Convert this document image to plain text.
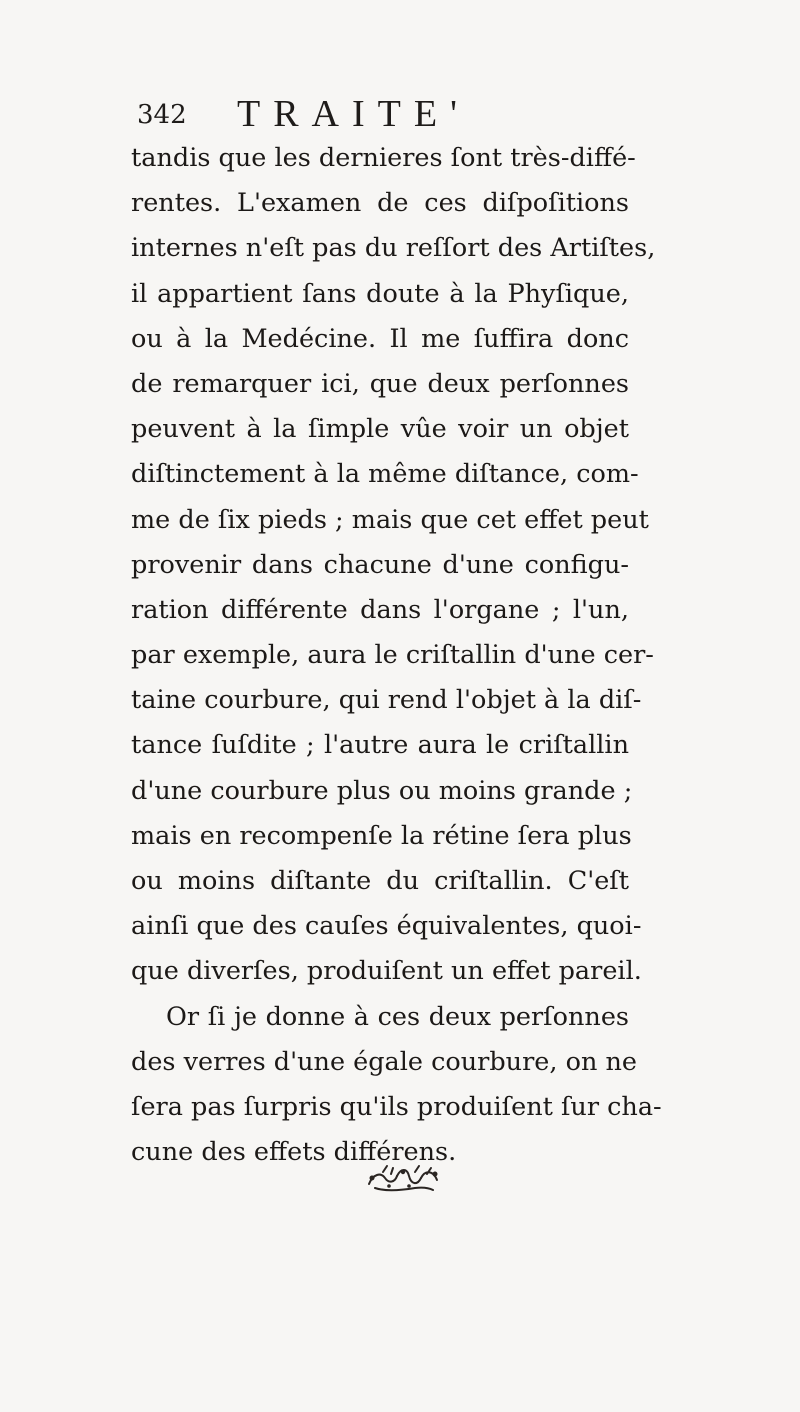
342 TRAITE'
tandis que les dernieres ſont très-diffé-
rentes. L'examen de ces diſpoſitions
internes n'eſt pas du reſſort des Artiſtes,
il appartient ſans doute à la Phyſique,
ou à la Medécine. Il me ſuffira donc
de remarquer ici, que deux perſonnes
peuvent à la ſimple vûe voir un objet
diſtinctement à la même diſtance, com-
me de ſix pieds ; mais que cet effet peut
provenir dans chacune d'une configu-
ration différente dans l'organe ; l'un,
par exemple, aura le criſtallin d'une cer-
taine courbure, qui rend l'objet à la diſ-
tance ſuſdite ; l'autre aura le criſtallin
d'une courbure plus ou moins grande ;
mais en recompenſe la rétine ſera plus
ou moins diſtante du criſtallin. C'eſt
ainſi que des cauſes équivalentes, quoi-
que diverſes, produiſent un effet pareil.
Or ſi je donne à ces deux perſonnes
des verres d'une égale courbure, on ne
ſera pas ſurpris qu'ils produiſent ſur cha-
cune des effets différens.
